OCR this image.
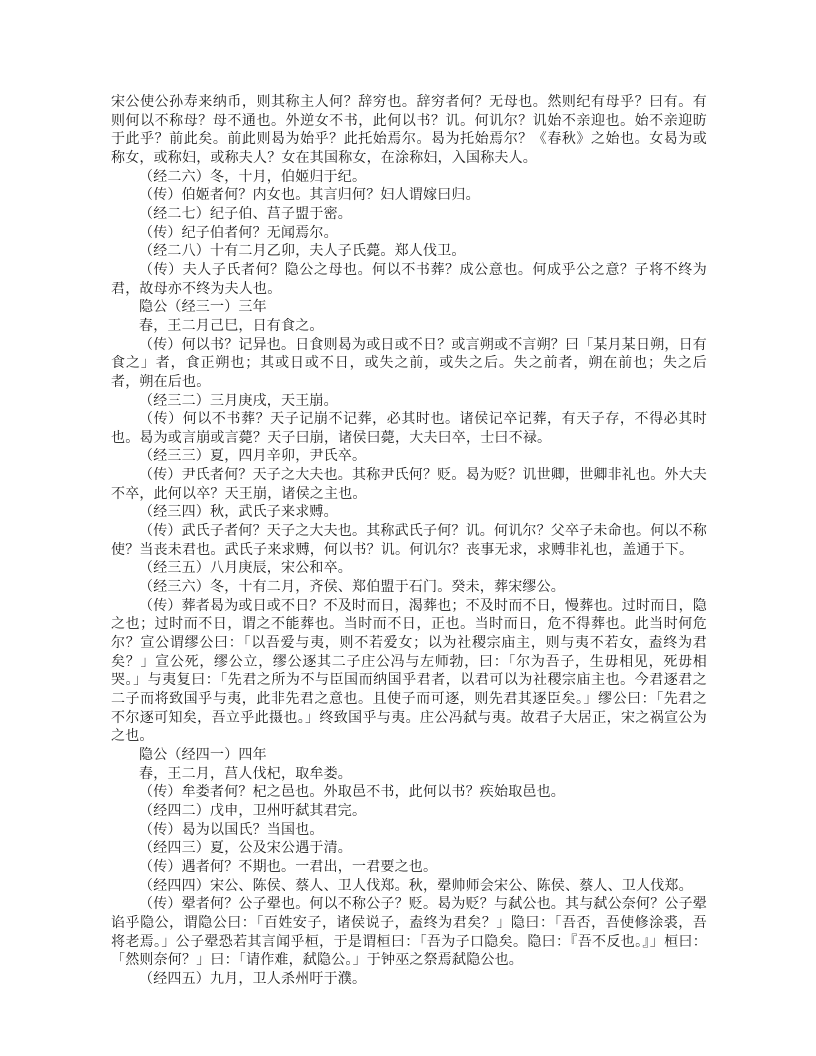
宋公使公孙寿来纳币，则其称主人何？辞穷也。辞穷者何？无母也。然则纪有母乎？曰有。有则何以不称母？母不通也。外逆女不书，此何以书？讥。何讥尔？讥始不亲迎也。始不亲迎昉于此乎？前此矣。前此则曷为始乎？此托始焉尔。曷为托始焉尔？《春秋》之始也。女曷为或称女，或称妇，或称夫人？女在其国称女，在涂称妇，入国称夫人。

（经二六）冬，十月，伯姬归于纪。

（传）伯姬者何？内女也。其言归何？妇人谓嫁曰归。

（经二七）纪子伯、莒子盟于密。

（传）纪子伯者何？无闻焉尔。

（经二八）十有二月乙卯，夫人子氏薨。郑人伐卫。

（传）夫人子氏者何？隐公之母也。何以不书葬？成公意也。何成乎公之意？子将不终为君，故母亦不终为夫人也。

隐公（经三一）三年

春，王二月己巳，日有食之。

（传）何以书？记异也。日食则曷为或日或不日？或言朔或不言朔？曰「某月某日朔，日有食之」者，食正朔也；其或日或不日，或失之前，或失之后。失之前者，朔在前也；失之后者，朔在后也。

（经三二）三月庚戌，天王崩。

（传）何以不书葬？天子记崩不记葬，必其时也。诸侯记卒记葬，有天子存，不得必其时也。曷为或言崩或言薨？天子曰崩，诸侯曰薨，大夫曰卒，士曰不禄。

（经三三）夏，四月辛卯，尹氏卒。

（传）尹氏者何？天子之大夫也。其称尹氏何？贬。曷为贬？讥世卿，世卿非礼也。外大夫不卒，此何以卒？天王崩，诸侯之主也。

（经三四）秋，武氏子来求赙。

（传）武氏子者何？天子之大夫也。其称武氏子何？讥。何讥尔？父卒子未命也。何以不称使？当丧未君也。武氏子来求赙，何以书？讥。何讥尔？丧事无求，求赙非礼也，盖通于下。

（经三五）八月庚辰，宋公和卒。

（经三六）冬，十有二月，齐侯、郑伯盟于石门。癸未，葬宋缪公。

（传）葬者曷为或日或不日？不及时而日，渴葬也；不及时而不日，慢葬也。过时而日，隐之也；过时而不日，谓之不能葬也。当时而不日，正也。当时而日，危不得葬也。此当时何危尔？宣公谓缪公曰：「以吾爱与夷，则不若爱女；以为社稷宗庙主，则与夷不若女，盍终为君矣？」宣公死，缪公立，缪公逐其二子庄公冯与左师勃，曰：「尔为吾子，生毋相见，死毋相哭。」与夷复曰：「先君之所为不与臣国而纳国乎君者，以君可以为社稷宗庙主也。今君逐君之二子而将致国乎与夷，此非先君之意也。且使子而可逐，则先君其逐臣矣。」缪公曰：「先君之不尔逐可知矣，吾立乎此摄也。」终致国乎与夷。庄公冯弑与夷。故君子大居正，宋之祸宣公为之也。

隐公（经四一）四年

春，王二月，莒人伐杞，取牟娄。

（传）牟娄者何？杞之邑也。外取邑不书，此何以书？疾始取邑也。

（经四二）戊申，卫州吁弑其君完。

（传）曷为以国氏？当国也。

（经四三）夏，公及宋公遇于清。

（传）遇者何？不期也。一君出，一君要之也。

（经四四）宋公、陈侯、蔡人、卫人伐郑。秋，翚帅师会宋公、陈侯、蔡人、卫人伐郑。

（传）翚者何？公子翚也。何以不称公子？贬。曷为贬？与弑公也。其与弑公奈何？公子翚谄乎隐公，谓隐公曰：「百姓安子，诸侯说子，盍终为君矣？」隐曰：「吾否，吾使修涂裘，吾将老焉。」公子翚恐若其言闻乎桓，于是谓桓曰：「吾为子口隐矣。隐曰：『吾不反也。』」桓曰：「然则奈何？」曰：「请作难，弑隐公。」于钟巫之祭焉弑隐公也。

（经四五）九月，卫人杀州吁于濮。
